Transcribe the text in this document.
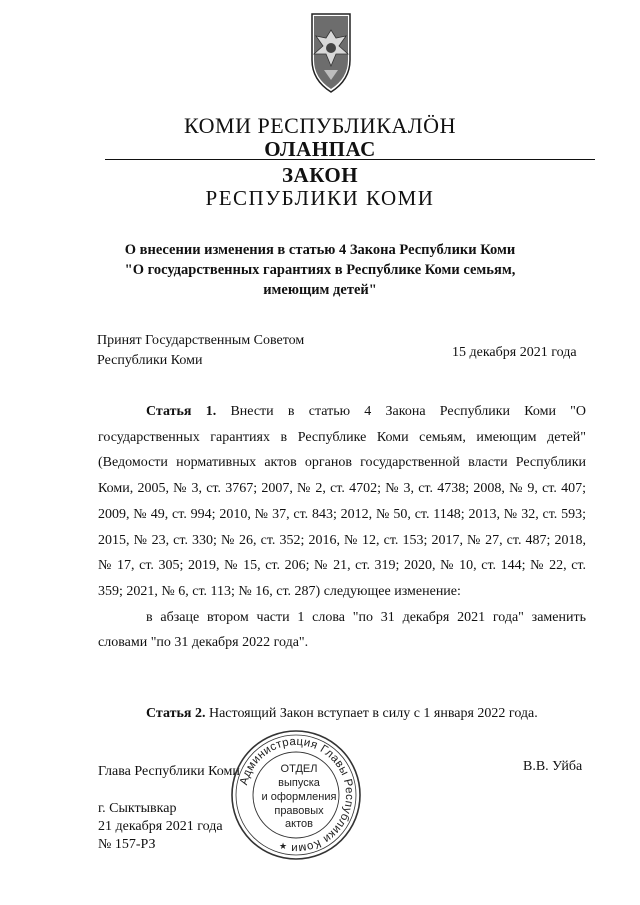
КОМИ РЕСПУБЛИКАЛӦН
ОЛАНПАС
ЗАКОН
РЕСПУБЛИКИ КОМИ
О внесении изменения в статью 4 Закона Республики Коми
"О государственных гарантиях в Республике Коми семьям,
имеющим детей"
Принят Государственным Советом
Республики Коми
15 декабря 2021 года

Статья 1. Внести в статью 4 Закона Республики Коми "О государственных гарантиях в Республике Коми семьям, имеющим детей" (Ведомости нормативных актов органов государственной власти Республики Коми, 2005, № 3, ст. 3767; 2007, № 2, ст. 4702; № 3, ст. 4738; 2008, № 9, ст. 407; 2009, № 49, ст. 994; 2010, № 37, ст. 843; 2012, № 50, ст. 1148; 2013, № 32, ст. 593; 2015, № 23, ст. 330; № 26, ст. 352; 2016, № 12, ст. 153; 2017, № 27, ст. 487; 2018, № 17, ст. 305; 2019, № 15, ст. 206; № 21, ст. 319; 2020, № 10, ст. 144; № 22, ст. 359; 2021, № 6, ст. 113; № 16, ст. 287) следующее изменение:

в абзаце втором части 1 слова "по 31 декабря 2021 года" заменить словами "по 31 декабря 2022 года".

Статья 2. Настоящий Закон вступает в силу с 1 января 2022 года.
Глава Республики Коми	В.В. Уйба
г. Сыктывкар
21 декабря 2021 года
№ 157-РЗ
Администрация Главы Республики Коми
ОТДЕЛ
выпуска
и оформления
правовых
актов
★
